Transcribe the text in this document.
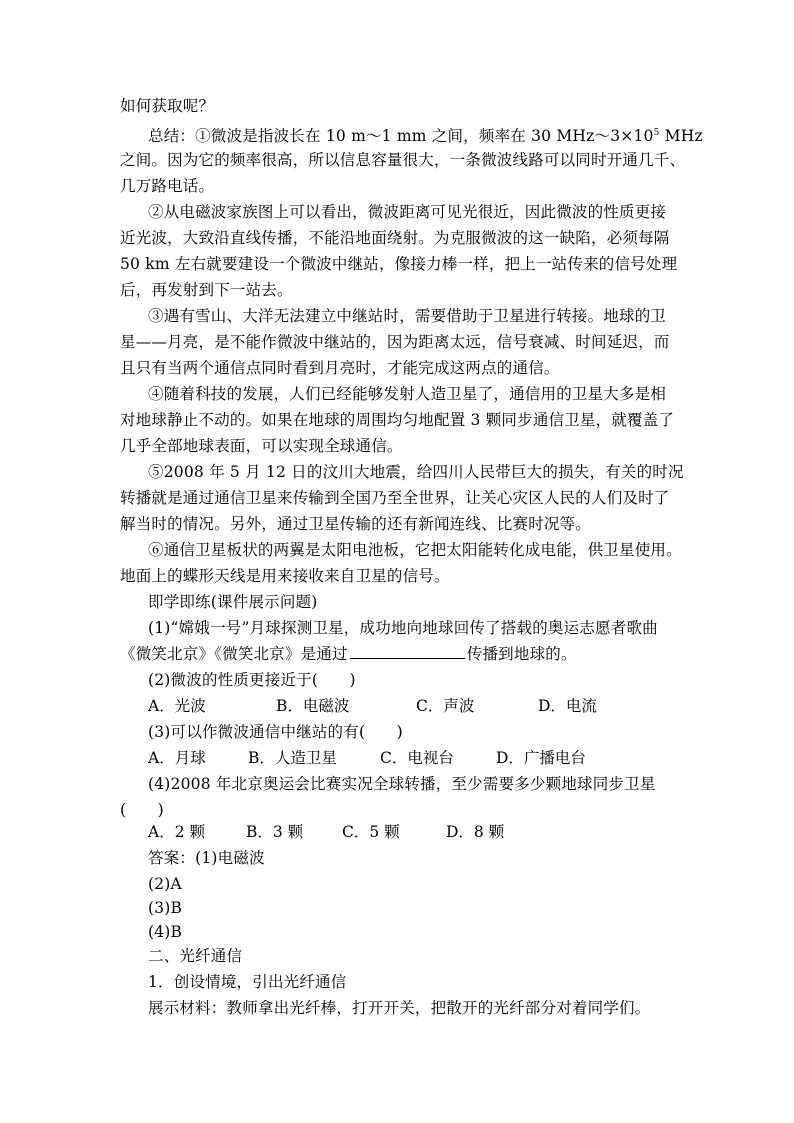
如何获取呢？
总结：①微波是指波长在 10 m～1 mm 之间，频率在 30 $MHz\sim 3\times 10^5$ MHz
之间。因为它的频率很高，所以信息容量很大，一条微波线路可以同时开通几千、
几万路电话。
②从电磁波家族图上可以看出，微波距离可见光很近，因此微波的性质更接
近光波，大致沿直线传播，不能沿地面绕射。为克服微波的这一缺陷，必须每隔
50 km 左右就要建设一个微波中继站，像接力棒一样，把上一站传来的信号处理
后，再发射到下一站去。
③遇有雪山、大洋无法建立中继站时，需要借助于卫星进行转接。地球的卫
星——月亮，是不能作微波中继站的，因为距离太远，信号衰减、时间延迟，而
且只有当两个通信点同时看到月亮时，才能完成这两点的通信。
④随着科技的发展，人们已经能够发射人造卫星了，通信用的卫星大多是相
对地球静止不动的。如果在地球的周围均匀地配置 3 颗同步通信卫星，就覆盖了
几乎全部地球表面，可以实现全球通信。
⑤2008 年 5 月 12 日的汶川大地震，给四川人民带巨大的损失，有关的时况
转播就是通过通信卫星来传输到全国乃至全世界，让关心灾区人民的人们及时了
解当时的情况。另外，通过卫星传输的还有新闻连线、比赛时况等。
⑥通信卫星板状的两翼是太阳电池板，它把太阳能转化成电能，供卫星使用。
地面上的蝶形天线是用来接收来自卫星的信号。
即学即练(课件展示问题)
(1)“嫦娥一号”月球探测卫星，成功地向地球回传了搭载的奥运志愿者歌曲
《微笑北京》《微笑北京》是通过	传播到地球的。
(2)微波的性质更接近于(　　)
A．光波	B．电磁波	C．声波	D．电流
(3)可以作微波通信中继站的有(　　)
A．月球	B．人造卫星	C．电视台	D．广播电台
(4)2008 年北京奥运会比赛实况全球转播，至少需要多少颗地球同步卫星
(　　)
A．2 颗	B．3 颗	C．5 颗	D．8 颗
答案：(1)电磁波
(2)A
(3)B
(4)B
二、光纤通信
1．创设情境，引出光纤通信
展示材料：教师拿出光纤棒，打开开关，把散开的光纤部分对着同学们。
